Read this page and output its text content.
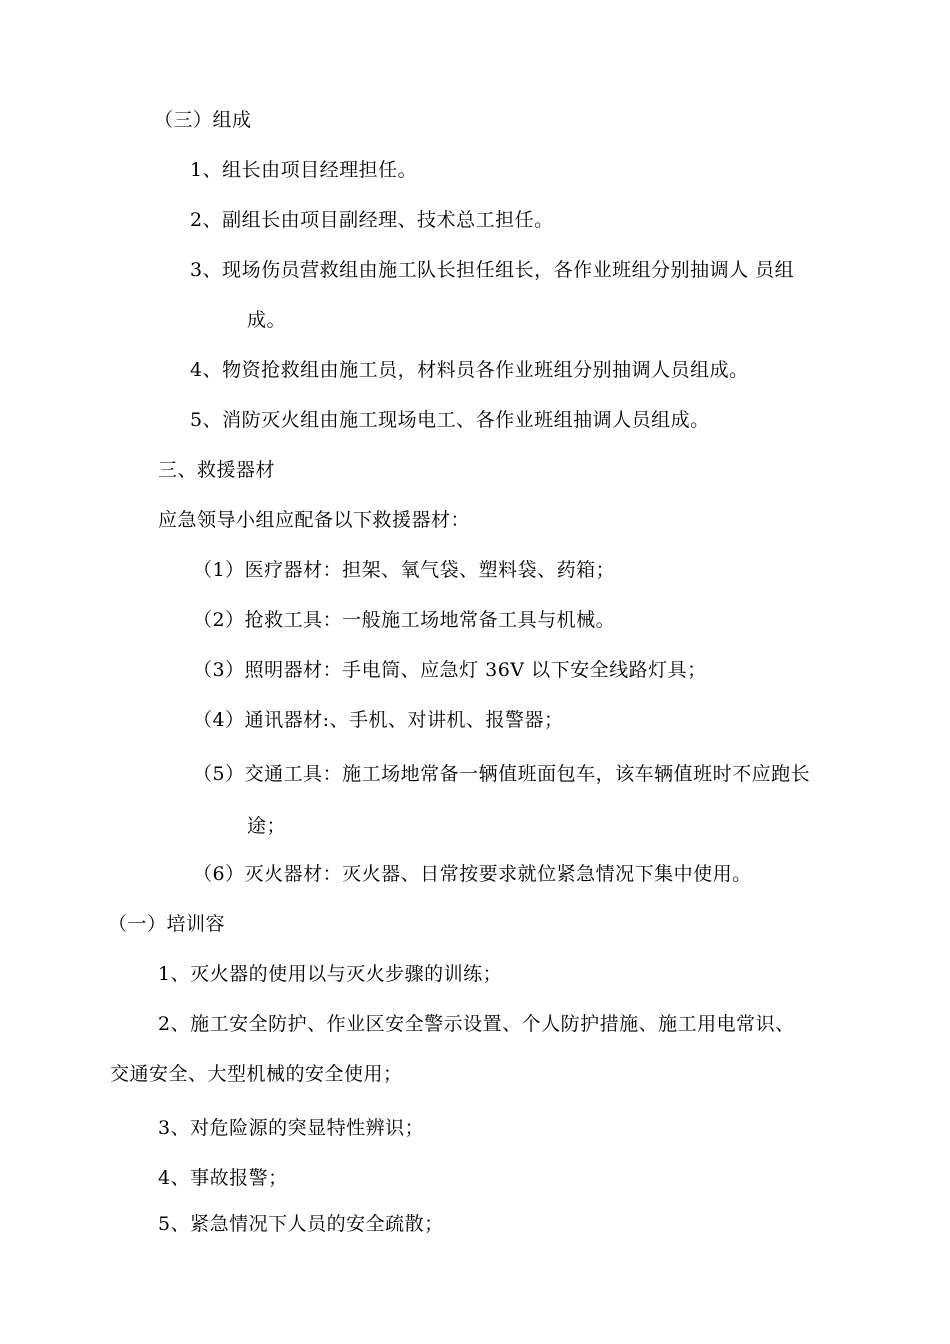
（三）组成
1、组长由项目经理担任。
2、副组长由项目副经理、技术总工担任。
3、现场伤员营救组由施工队长担任组长，各作业班组分别抽调人 员组
成。
4、物资抢救组由施工员，材料员各作业班组分别抽调人员组成。
5、消防灭火组由施工现场电工、各作业班组抽调人员组成。
三、救援器材
应急领导小组应配备以下救援器材：
（1）医疗器材：担架、氧气袋、塑料袋、药箱；
（2）抢救工具：一般施工场地常备工具与机械。
（3）照明器材：手电筒、应急灯 36V 以下安全线路灯具；
（4）通讯器材:、手机、对讲机、报警器；
（5）交通工具：施工场地常备一辆值班面包车，该车辆值班时不应跑长
途；
（6）灭火器材：灭火器、日常按要求就位紧急情况下集中使用。
（一）培训容
1、灭火器的使用以与灭火步骤的训练；
2、施工安全防护、作业区安全警示设置、个人防护措施、施工用电常识、
交通安全、大型机械的安全使用；
3、对危险源的突显特性辨识；
4、事故报警；
5、紧急情况下人员的安全疏散；
